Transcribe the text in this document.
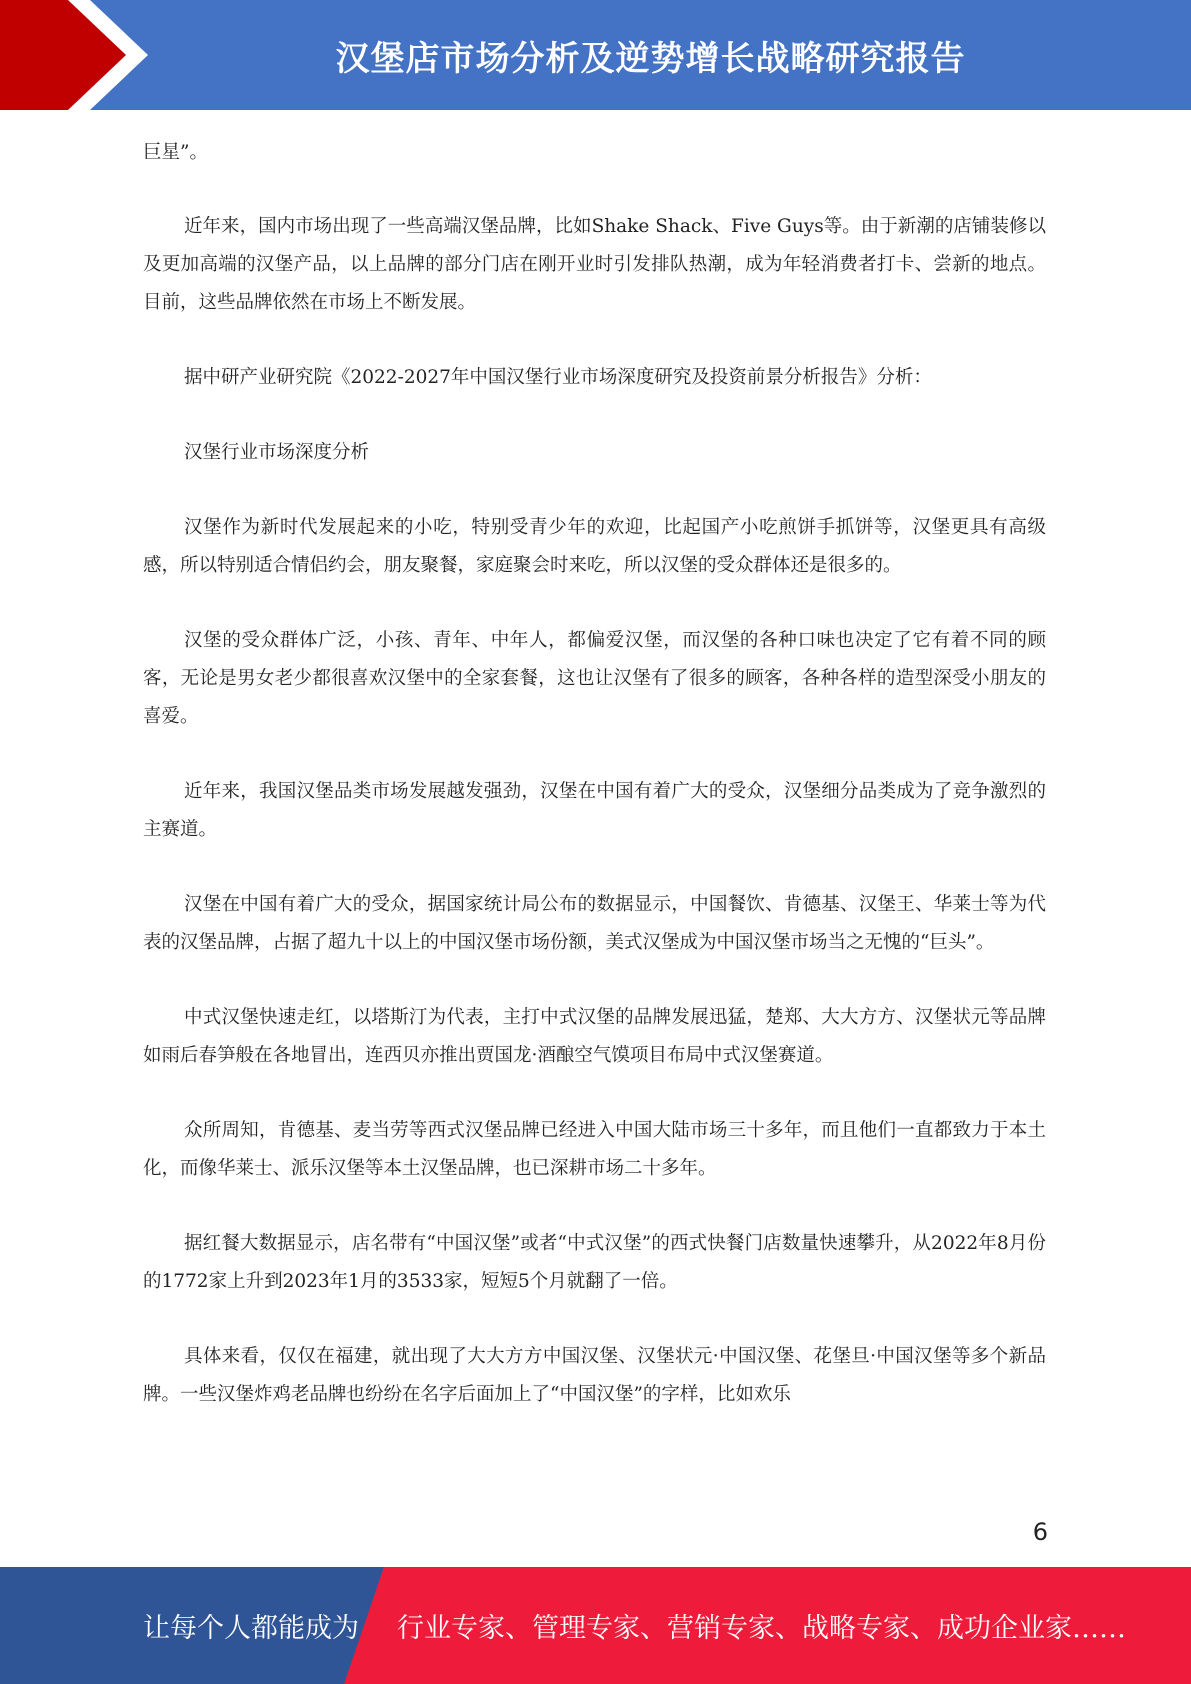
汉堡店市场分析及逆势增长战略研究报告

巨星”。

近年来，国内市场出现了一些高端汉堡品牌，比如Shake Shack、Five Guys等。由于新潮的店铺装修以及更加高端的汉堡产品，以上品牌的部分门店在刚开业时引发排队热潮，成为年轻消费者打卡、尝新的地点。目前，这些品牌依然在市场上不断发展。

据中研产业研究院《2022-2027年中国汉堡行业市场深度研究及投资前景分析报告》分析：

汉堡行业市场深度分析

汉堡作为新时代发展起来的小吃，特别受青少年的欢迎，比起国产小吃煎饼手抓饼等，汉堡更具有高级感，所以特别适合情侣约会，朋友聚餐，家庭聚会时来吃，所以汉堡的受众群体还是很多的。

汉堡的受众群体广泛，小孩、青年、中年人，都偏爱汉堡，而汉堡的各种口味也决定了它有着不同的顾客，无论是男女老少都很喜欢汉堡中的全家套餐，这也让汉堡有了很多的顾客，各种各样的造型深受小朋友的喜爱。

近年来，我国汉堡品类市场发展越发强劲，汉堡在中国有着广大的受众，汉堡细分品类成为了竞争激烈的主赛道。

汉堡在中国有着广大的受众，据国家统计局公布的数据显示，中国餐饮、肯德基、汉堡王、华莱士等为代表的汉堡品牌，占据了超九十以上的中国汉堡市场份额，美式汉堡成为中国汉堡市场当之无愧的“巨头”。

中式汉堡快速走红，以塔斯汀为代表，主打中式汉堡的品牌发展迅猛，楚郑、大大方方、汉堡状元等品牌如雨后春笋般在各地冒出，连西贝亦推出贾国龙·酒酿空气馍项目布局中式汉堡赛道。

众所周知，肯德基、麦当劳等西式汉堡品牌已经进入中国大陆市场三十多年，而且他们一直都致力于本土化，而像华莱士、派乐汉堡等本土汉堡品牌，也已深耕市场二十多年。

据红餐大数据显示，店名带有“中国汉堡”或者“中式汉堡”的西式快餐门店数量快速攀升，从2022年8月份的1772家上升到2023年1月的3533家，短短5个月就翻了一倍。

具体来看，仅仅在福建，就出现了大大方方中国汉堡、汉堡状元·中国汉堡、花堡旦·中国汉堡等多个新品牌。一些汉堡炸鸡老品牌也纷纷在名字后面加上了“中国汉堡”的字样，比如欢乐

6
让每个人都能成为 行业专家、管理专家、营销专家、战略专家、成功企业家……
